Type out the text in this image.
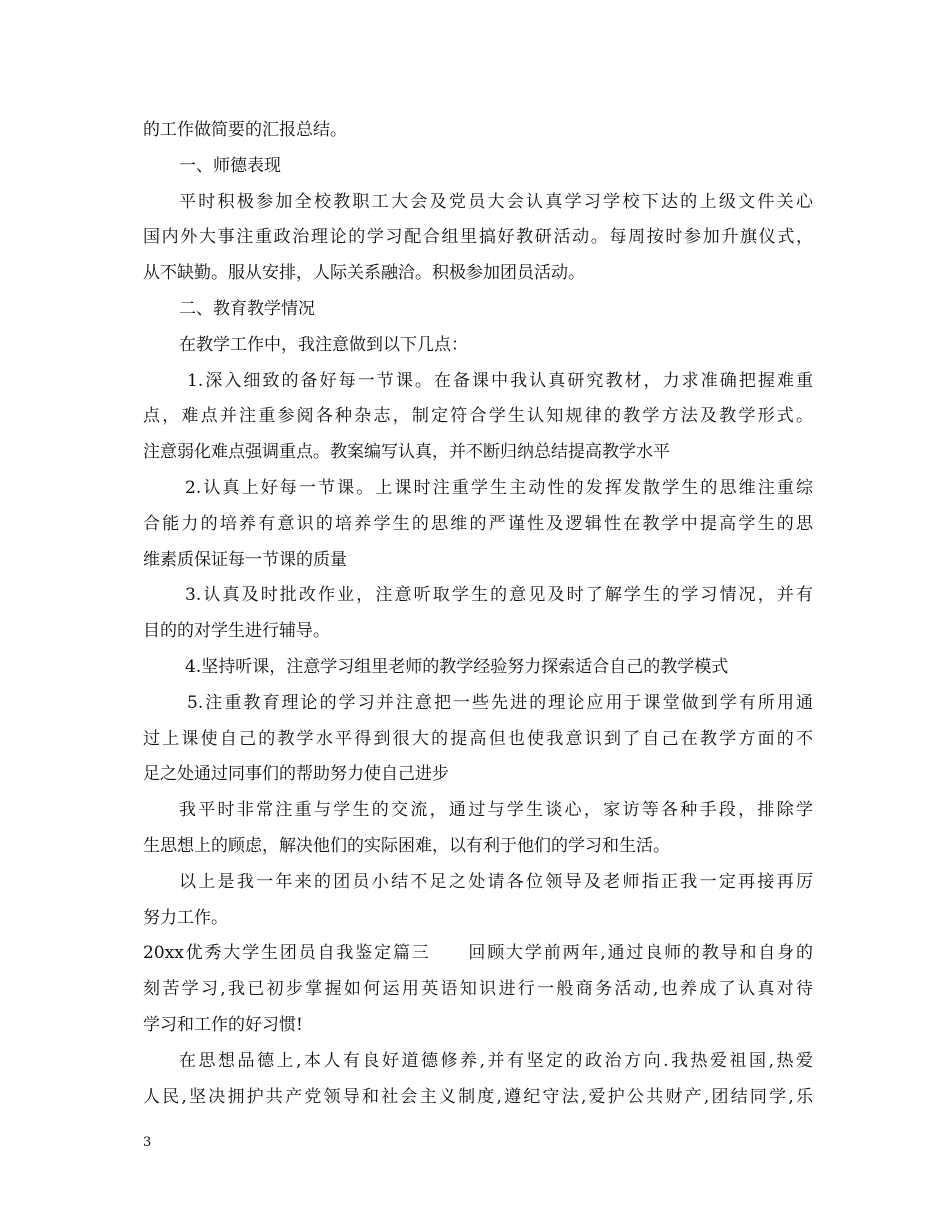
的工作做简要的汇报总结。
一、师德表现
平时积极参加全校教职工大会及党员大会认真学习学校下达的上级文件关心
国内外大事注重政治理论的学习配合组里搞好教研活动。每周按时参加升旗仪式，
从不缺勤。服从安排，人际关系融洽。积极参加团员活动。
二、教育教学情况
在教学工作中，我注意做到以下几点：
1.深入细致的备好每一节课。在备课中我认真研究教材，力求准确把握难重
点，难点并注重参阅各种杂志，制定符合学生认知规律的教学方法及教学形式。
注意弱化难点强调重点。教案编写认真，并不断归纳总结提高教学水平
2.认真上好每一节课。上课时注重学生主动性的发挥发散学生的思维注重综
合能力的培养有意识的培养学生的思维的严谨性及逻辑性在教学中提高学生的思
维素质保证每一节课的质量
3.认真及时批改作业，注意听取学生的意见及时了解学生的学习情况，并有
目的的对学生进行辅导。
4.坚持听课，注意学习组里老师的教学经验努力探索适合自己的教学模式
5.注重教育理论的学习并注意把一些先进的理论应用于课堂做到学有所用通
过上课使自己的教学水平得到很大的提高但也使我意识到了自己在教学方面的不
足之处通过同事们的帮助努力使自己进步
我平时非常注重与学生的交流，通过与学生谈心，家访等各种手段，排除学
生思想上的顾虑，解决他们的实际困难，以有利于他们的学习和生活。
以上是我一年来的团员小结不足之处请各位领导及老师指正我一定再接再厉
努力工作。
20xx优秀大学生团员自我鉴定篇三　　回顾大学前两年,通过良师的教导和自身的
刻苦学习,我已初步掌握如何运用英语知识进行一般商务活动,也养成了认真对待
学习和工作的好习惯!
在思想品德上,本人有良好道德修养,并有坚定的政治方向.我热爱祖国,热爱
人民,坚决拥护共产党领导和社会主义制度,遵纪守法,爱护公共财产,团结同学,乐
3
